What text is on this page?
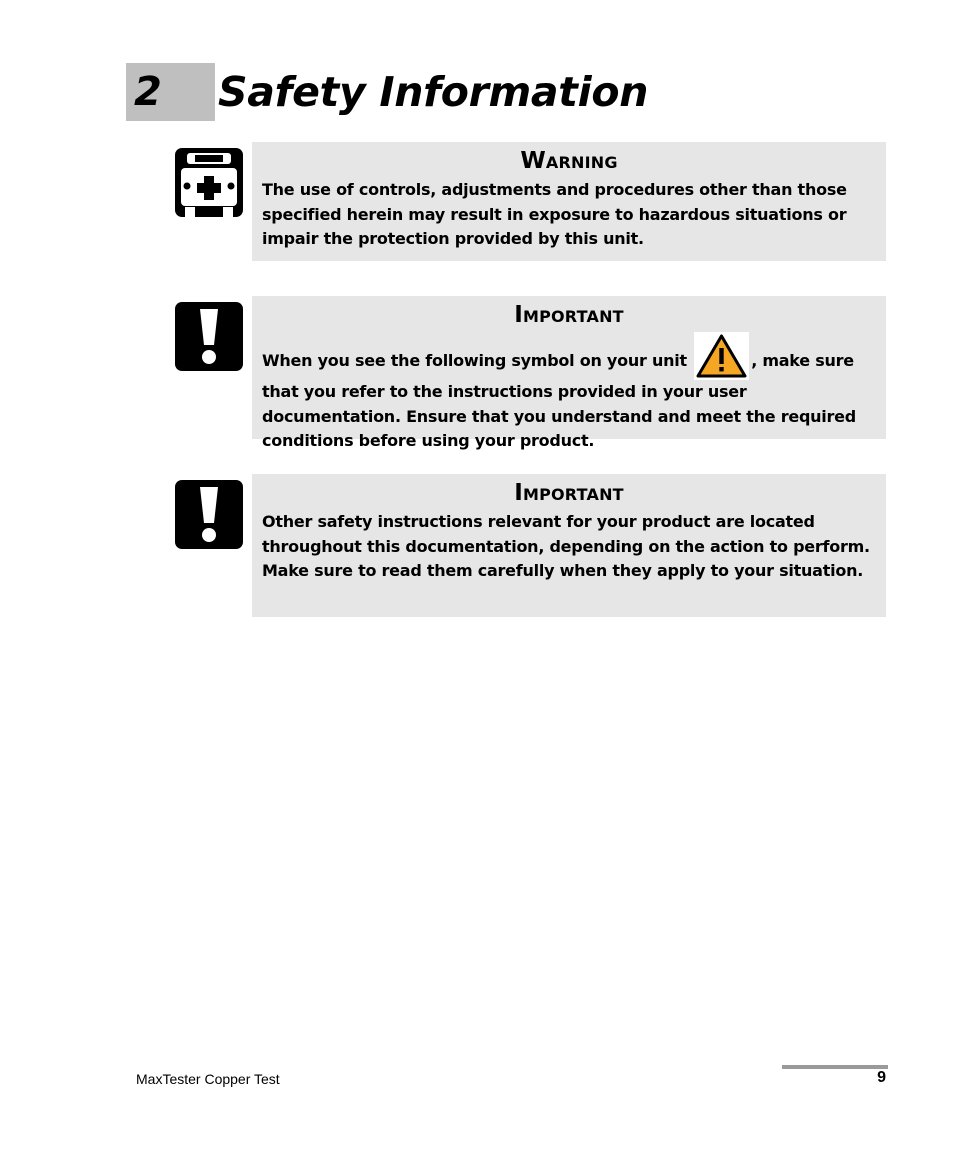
2	Safety Information
Warning
The use of controls, adjustments and procedures other than those specified herein may result in exposure to hazardous situations or impair the protection provided by this unit.
Important
When you see the following symbol on your unit	, make sure that you refer to the instructions provided in your user documentation. Ensure that you understand and meet the required conditions before using your product.
Important
Other safety instructions relevant for your product are located throughout this documentation, depending on the action to perform. Make sure to read them carefully when they apply to your situation.
MaxTester Copper Test	9
